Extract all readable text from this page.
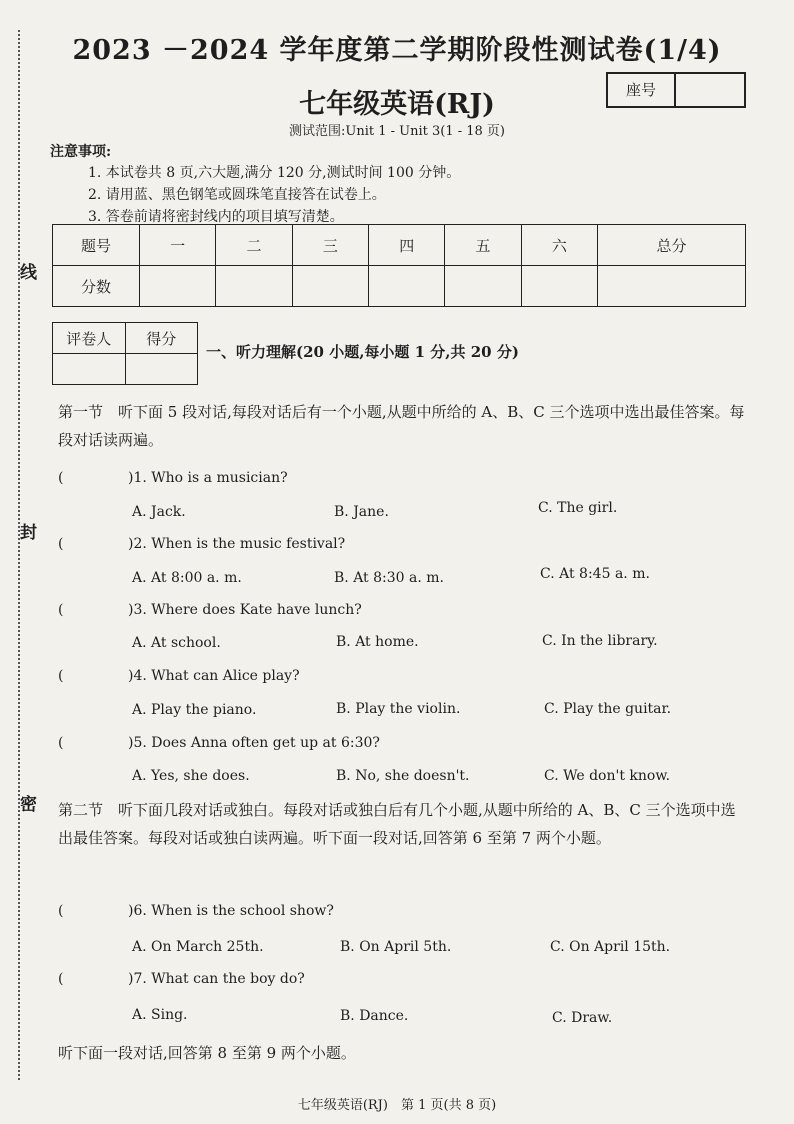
线
封
密
2023 －2024 学年度第二学期阶段性测试卷(1/4)
座号
七年级英语(RJ)
测试范围:Unit 1 - Unit 3(1 - 18 页)
注意事项:
1. 本试卷共 8 页,六大题,满分 120 分,测试时间 100 分钟。
2. 请用蓝、黑色钢笔或圆珠笔直接答在试卷上。
3. 答卷前请将密封线内的项目填写清楚。
题号	一	二	三	四	五	六	总分
分数							
评卷人	得分

一、听力理解(20 小题,每小题 1 分,共 20 分)
第一节　听下面 5 段对话,每段对话后有一个小题,从题中所给的 A、B、C 三个选项中选出最佳答案。每段对话读两遍。
(	)1. Who is a musician?
A. Jack.	B. Jane.	C. The girl.
(	)2. When is the music festival?
A. At 8:00 a. m.	B. At 8:30 a. m.	C. At 8:45 a. m.
(	)3. Where does Kate have lunch?
A. At school.	B. At home.	C. In the library.
(	)4. What can Alice play?
A. Play the piano.	B. Play the violin.	C. Play the guitar.
(	)5. Does Anna often get up at 6:30?
A. Yes, she does.	B. No, she doesn't.	C. We don't know.
第二节　听下面几段对话或独白。每段对话或独白后有几个小题,从题中所给的 A、B、C 三个选项中选出最佳答案。每段对话或独白读两遍。听下面一段对话,回答第 6 至第 7 两个小题。
(	)6. When is the school show?
A. On March 25th.	B. On April 5th.	C. On April 15th.
(	)7. What can the boy do?
A. Sing.	B. Dance.	C. Draw.
听下面一段对话,回答第 8 至第 9 两个小题。
七年级英语(RJ)　第 1 页(共 8 页)
